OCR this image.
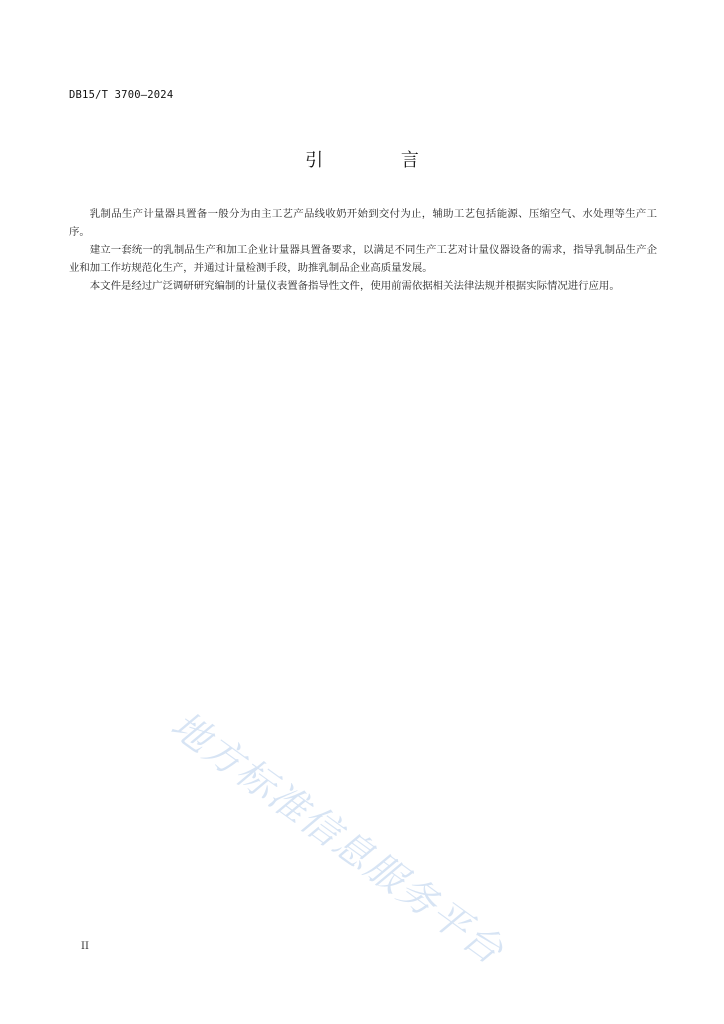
DB15/T 3700—2024
引 言

乳制品生产计量器具置备一般分为由主工艺产品线收奶开始到交付为止，辅助工艺包括能源、压缩空气、水处理等生产工序。

建立一套统一的乳制品生产和加工企业计量器具置备要求，以满足不同生产工艺对计量仪器设备的需求，指导乳制品生产企业和加工作坊规范化生产，并通过计量检测手段，助推乳制品企业高质量发展。

本文件是经过广泛调研研究编制的计量仪表置备指导性文件，使用前需依据相关法律法规并根据实际情况进行应用。

地方标准信息服务平台
II
